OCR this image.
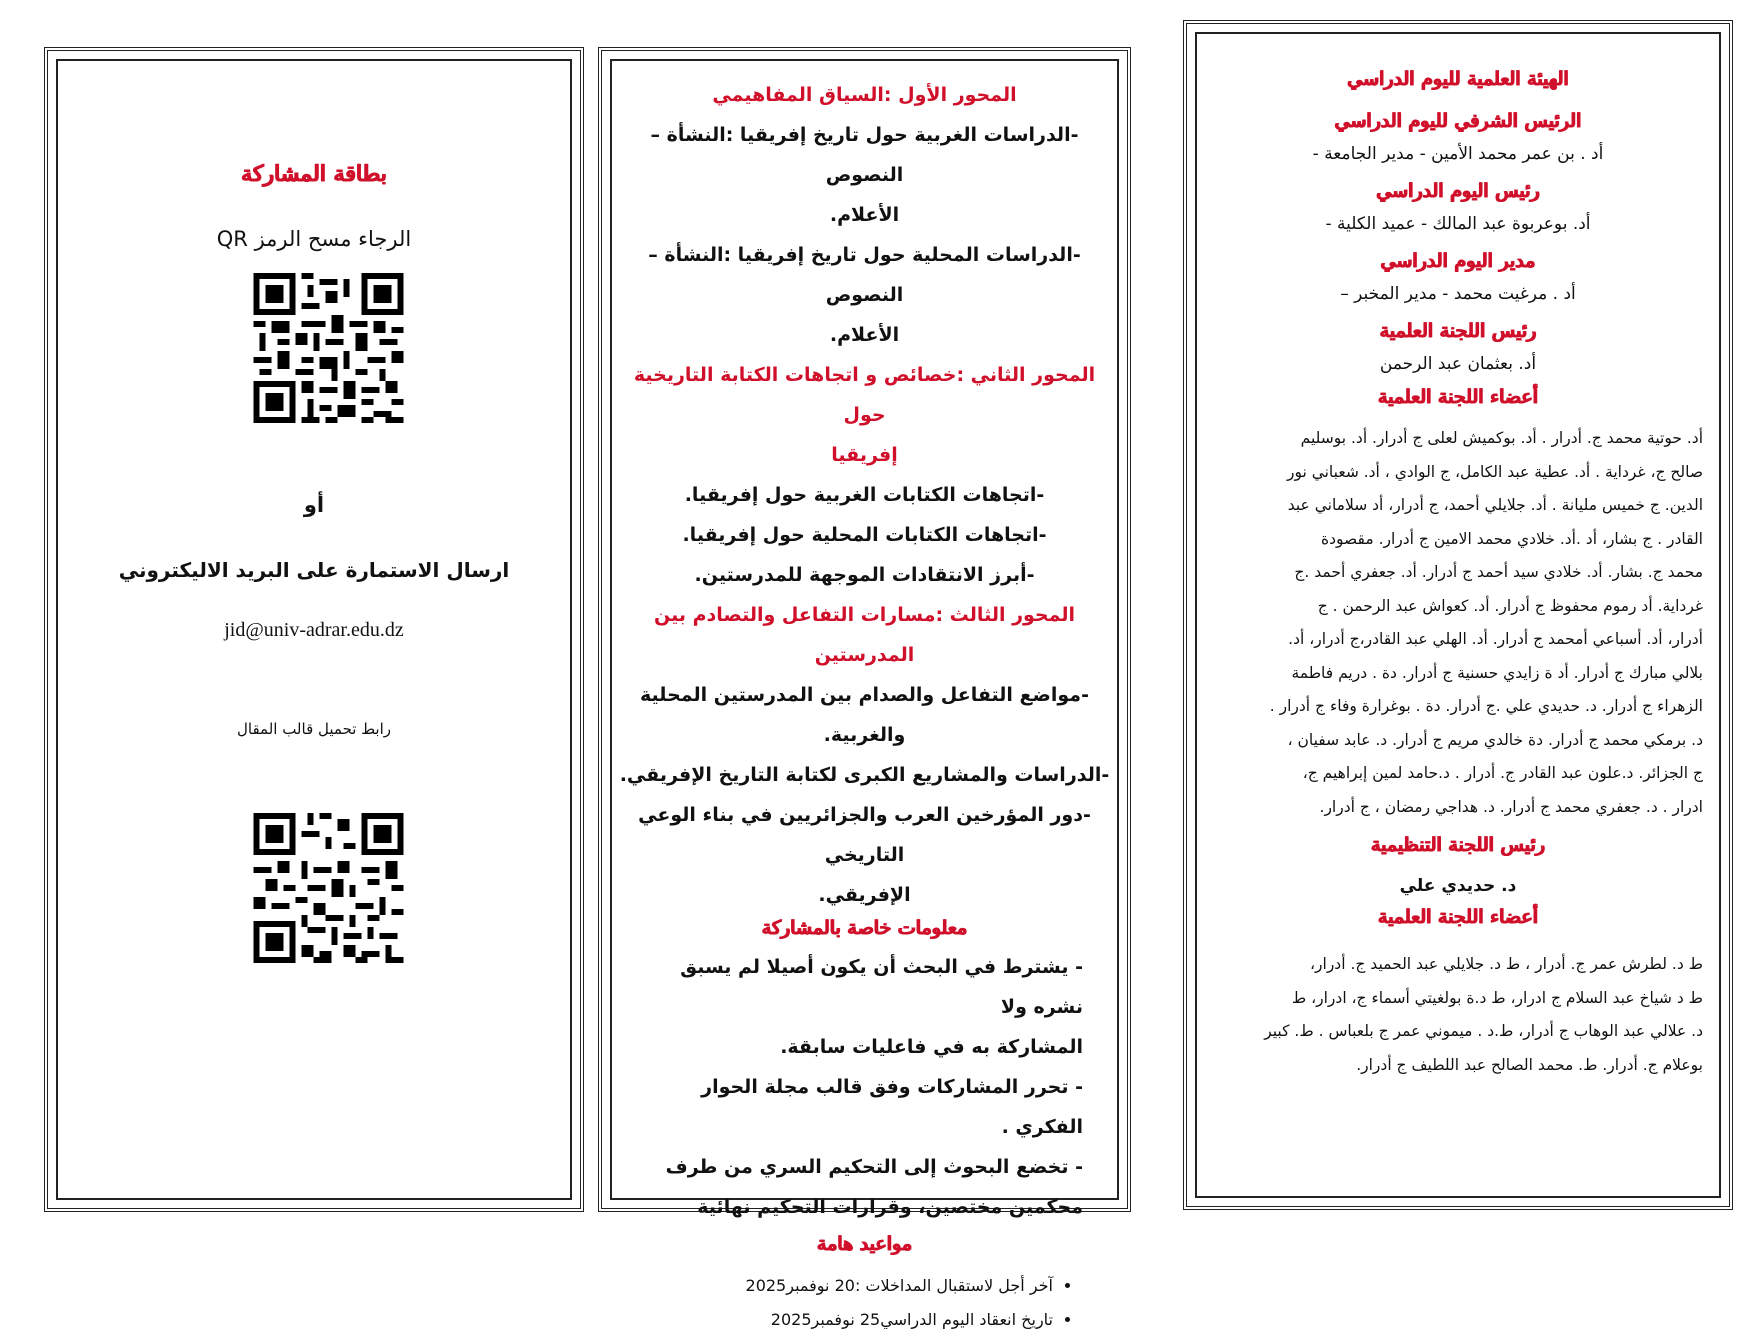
الهيئة العلمية لليوم الدراسي
الرئيس الشرفي لليوم الدراسي
أد . بن عمر محمد الأمين - مدير الجامعة -
رئيس اليوم الدراسي
أد. بوعربوة عبد المالك - عميد الكلية -
مدير اليوم الدراسي
أد . مرغيت محمد - مدير المخبر –
رئيس اللجنة العلمية
أد. بعثمان عبد الرحمن
أعضاء اللجنة العلمية
أد. حوتية محمد ج. أدرار . أد. بوكميش لعلى ج أدرار. أد. بوسليم
صالح ج، غرداية . أد. عطية عبد الكامل، ج الوادي ، أد. شعباني نور
الدين. ج خميس مليانة . أد. جلايلي أحمد، ج أدرار، أد سلاماني عبد
القادر . ج بشار، أد .أد. خلادي محمد الامين ج أدرار. مقصودة
محمد ج. بشار. أد. خلادي سيد أحمد ج أدرار. أد. جعفري أحمد .ج
غرداية. أد رموم محفوظ ج أدرار. أد. كعواش عبد الرحمن . ج
أدرار، أد. أسباعي أمحمد ج أدرار. أد. الهلي عبد القادر،ج أدرار، أد.
بلالي مبارك ج أدرار. أد ة زايدي حسنية ج أدرار. دة . دريم فاطمة
الزهراء ج أدرار. د. حديدي علي .ج أدرار. دة . بوغرارة وفاء ج أدرار .
د. برمكي محمد ج أدرار. دة خالدي مريم ج أدرار. د. عابد سفيان ،
ج الجزائر. د.علون عبد القادر ج. أدرار . د.حامد لمين إبراهيم ج،
ادرار . د. جعفري محمد ج أدرار. د. هداجي رمضان ، ج أدرار.
رئيس اللجنة التنظيمية
د. حديدي علي
أعضاء اللجنة العلمية
ط د. لطرش عمر ج. أدرار ، ط د. جلايلي عبد الحميد ج. أدرار،
ط د شياخ عبد السلام ج ادرار، ط د.ة بولغيتي أسماء ج، ادرار، ط
د. علالي عبد الوهاب ج أدرار، ط.د . ميموني عمر ج بلعباس . ط. كبير
بوعلام ج. أدرار. ط. محمد الصالح عبد اللطيف ج أدرار.
المحور الأول :السياق المفاهيمي
-الدراسات الغربية حول تاريخ إفريقيا :النشأة – النصوص
الأعلام.
-الدراسات المحلية حول تاريخ إفريقيا :النشأة – النصوص
الأعلام.
المحور الثاني :خصائص و اتجاهات الكتابة التاريخية حول
إفريقيا
-اتجاهات الكتابات الغربية حول إفريقيا.
-اتجاهات الكتابات المحلية حول إفريقيا.
-أبرز الانتقادات الموجهة للمدرستين.
المحور الثالث :مسارات التفاعل والتصادم بين
المدرستين
-مواضع التفاعل والصدام بين المدرستين المحلية والغربية.
-الدراسات والمشاريع الكبرى لكتابة التاريخ الإفريقي.
-دور المؤرخين العرب والجزائريين في بناء الوعي التاريخي
الإفريقي.
معلومات خاصة بالمشاركة
- يشترط في البحث أن يكون أصيلا لم يسبق نشره ولا
المشاركة به في فاعليات سابقة.
- تحرر المشاركات وفق قالب مجلة الحوار الفكري .
- تخضع البحوث إلى التحكيم السري من طرف
محكمين مختصين، وقرارات التحكيم نهائية
مواعيد هامة
• آخر أجل لاستقبال المداخلات :20 نوفمبر2025
• تاريخ انعقاد اليوم الدراسي25 نوفمبر2025
بطاقة المشاركة
الرجاء مسح الرمز QR
أو
ارسال الاستمارة على البريد الاليكتروني
jid@univ-adrar.edu.dz
رابط تحميل قالب المقال
